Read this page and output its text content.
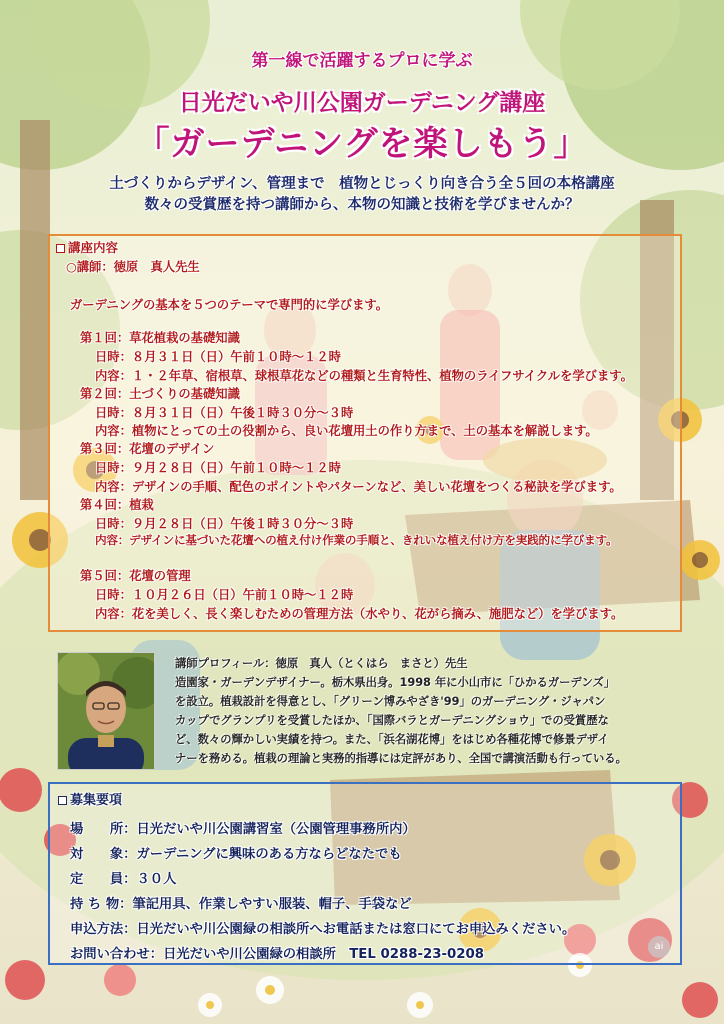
第一線で活躍するプロに学ぶ
日光だいや川公園ガーデニング講座
「ガーデニングを楽しもう」
土づくりからデザイン、管理まで　植物とじっくり向き合う全５回の本格講座
数々の受賞歴を持つ講師から、本物の知識と技術を学びませんか？
講座内容
○講師：徳原　真人先生
ガーデニングの基本を５つのテーマで専門的に学びます。
第１回：草花植栽の基礎知識
日時：８月３１日（日）午前１０時～１２時
内容：１・２年草、宿根草、球根草花などの種類と生育特性、植物のライフサイクルを学びます。
第２回：土づくりの基礎知識
日時：８月３１日（日）午後１時３０分～３時
内容：植物にとっての土の役割から、良い花壇用土の作り方まで、土の基本を解説します。
第３回：花壇のデザイン
日時：９月２８日（日）午前１０時～１２時
内容：デザインの手順、配色のポイントやパターンなど、美しい花壇をつくる秘訣を学びます。
第４回：植栽
日時：９月２８日（日）午後１時３０分～３時
内容：デザインに基づいた花壇への植え付け作業の手順と、きれいな植え付け方を実践的に学びます。
第５回：花壇の管理
日時：１０月２６日（日）午前１０時～１２時
内容：花を美しく、長く楽しむための管理方法（水やり、花がら摘み、施肥など）を学びます。
講師プロフィール：徳原　真人（とくはら　まさと）先生
造園家・ガーデンデザイナー。栃木県出身。1998 年に小山市に「ひかるガーデンズ」
を設立。植栽設計を得意とし、「グリーン博みやざき'99」のガーデニング・ジャパン
カップでグランプリを受賞したほか、「国際バラとガーデニングショウ」での受賞歴な
ど、数々の輝かしい実績を持つ。また、「浜名湖花博」をはじめ各種花博で修景デザイ
ナーを務める。植栽の理論と実務的指導には定評があり、全国で講演活動も行っている。
募集要項
場　　所：日光だいや川公園講習室（公園管理事務所内）
対　　象：ガーデニングに興味のある方ならどなたでも
定　　員：３０人
持 ち 物：筆記用具、作業しやすい服装、帽子、手袋など
申込方法：日光だいや川公園緑の相談所へお電話または窓口にてお申込みください。
お問い合わせ：日光だいや川公園緑の相談所　TEL 0288-23-0208
ai
